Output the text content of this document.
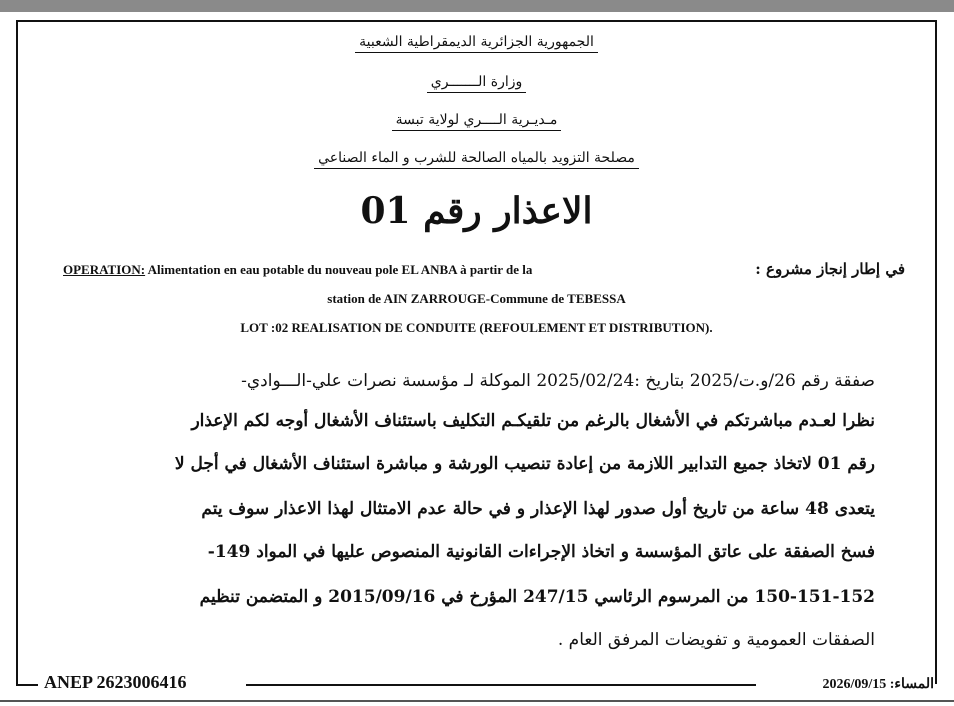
الجمهورية الجزائرية الديمقراطية الشعبية
وزارة الـــــــري
مـديـرية الــــري لولاية تبسة
مصلحة التزويد بالمياه الصالحة للشرب و الماء الصناعي
الاعذار رقم 01
في إطار إنجاز مشروع :
OPERATION: Alimentation en eau potable du nouveau pole EL ANBA à partir de la
station de AIN ZARROUGE-Commune de TEBESSA
LOT :02 REALISATION DE CONDUITE (REFOULEMENT ET DISTRIBUTION).
صفقة رقم 26/و.ت/2025 بتاريخ :2025/02/24 الموكلة لـ مؤسسة نصرات علي-الـــوادي-
نظرا لعـدم مباشرتكم في الأشغال بالرغم من تلقيكـم التكليف باستئناف الأشغال أوجه لكم الإعذار
رقم 01 لاتخاذ جميع التدابير اللازمة من إعادة تنصيب الورشة و مباشرة استئناف الأشغال في أجل لا
يتعدى 48 ساعة من تاريخ أول صدور لهذا الإعذار و في حالة عدم الامتثال لهذا الاعذار سوف يتم
فسخ الصفقة على عاتق المؤسسة و اتخاذ الإجراءات القانونية المنصوص عليها في المواد 149-
150-151-152 من المرسوم الرئاسي 247/15 المؤرخ في 2015/09/16 و المتضمن تنظيم
الصفقات العمومية و تفويضات المرفق العام .
ANEP 2623006416	المساء: 2026/09/15
